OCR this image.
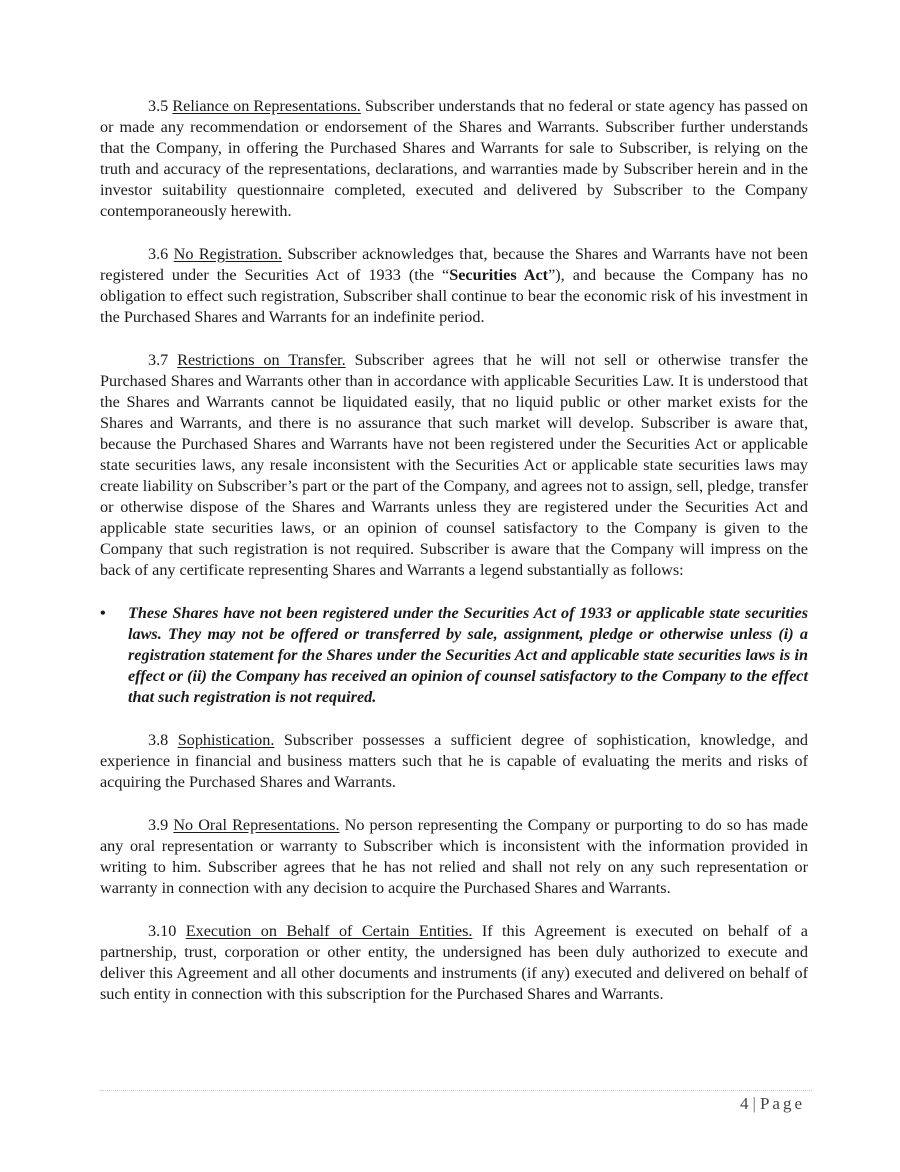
3.5 Reliance on Representations. Subscriber understands that no federal or state agency has passed on or made any recommendation or endorsement of the Shares and Warrants. Subscriber further understands that the Company, in offering the Purchased Shares and Warrants for sale to Subscriber, is relying on the truth and accuracy of the representations, declarations, and warranties made by Subscriber herein and in the investor suitability questionnaire completed, executed and delivered by Subscriber to the Company contemporaneously herewith.

3.6 No Registration. Subscriber acknowledges that, because the Shares and Warrants have not been registered under the Securities Act of 1933 (the “Securities Act”), and because the Company has no obligation to effect such registration, Subscriber shall continue to bear the economic risk of his investment in the Purchased Shares and Warrants for an indefinite period.

3.7 Restrictions on Transfer. Subscriber agrees that he will not sell or otherwise transfer the Purchased Shares and Warrants other than in accordance with applicable Securities Law. It is understood that the Shares and Warrants cannot be liquidated easily, that no liquid public or other market exists for the Shares and Warrants, and there is no assurance that such market will develop. Subscriber is aware that, because the Purchased Shares and Warrants have not been registered under the Securities Act or applicable state securities laws, any resale inconsistent with the Securities Act or applicable state securities laws may create liability on Subscriber’s part or the part of the Company, and agrees not to assign, sell, pledge, transfer or otherwise dispose of the Shares and Warrants unless they are registered under the Securities Act and applicable state securities laws, or an opinion of counsel satisfactory to the Company is given to the Company that such registration is not required. Subscriber is aware that the Company will impress on the back of any certificate representing Shares and Warrants a legend substantially as follows:

• These Shares have not been registered under the Securities Act of 1933 or applicable state securities laws. They may not be offered or transferred by sale, assignment, pledge or otherwise unless (i) a registration statement for the Shares under the Securities Act and applicable state securities laws is in effect or (ii) the Company has received an opinion of counsel satisfactory to the Company to the effect that such registration is not required.

3.8 Sophistication. Subscriber possesses a sufficient degree of sophistication, knowledge, and experience in financial and business matters such that he is capable of evaluating the merits and risks of acquiring the Purchased Shares and Warrants.

3.9 No Oral Representations. No person representing the Company or purporting to do so has made any oral representation or warranty to Subscriber which is inconsistent with the information provided in writing to him. Subscriber agrees that he has not relied and shall not rely on any such representation or warranty in connection with any decision to acquire the Purchased Shares and Warrants.

3.10 Execution on Behalf of Certain Entities. If this Agreement is executed on behalf of a partnership, trust, corporation or other entity, the undersigned has been duly authorized to execute and deliver this Agreement and all other documents and instruments (if any) executed and delivered on behalf of such entity in connection with this subscription for the Purchased Shares and Warrants.

4|Page
